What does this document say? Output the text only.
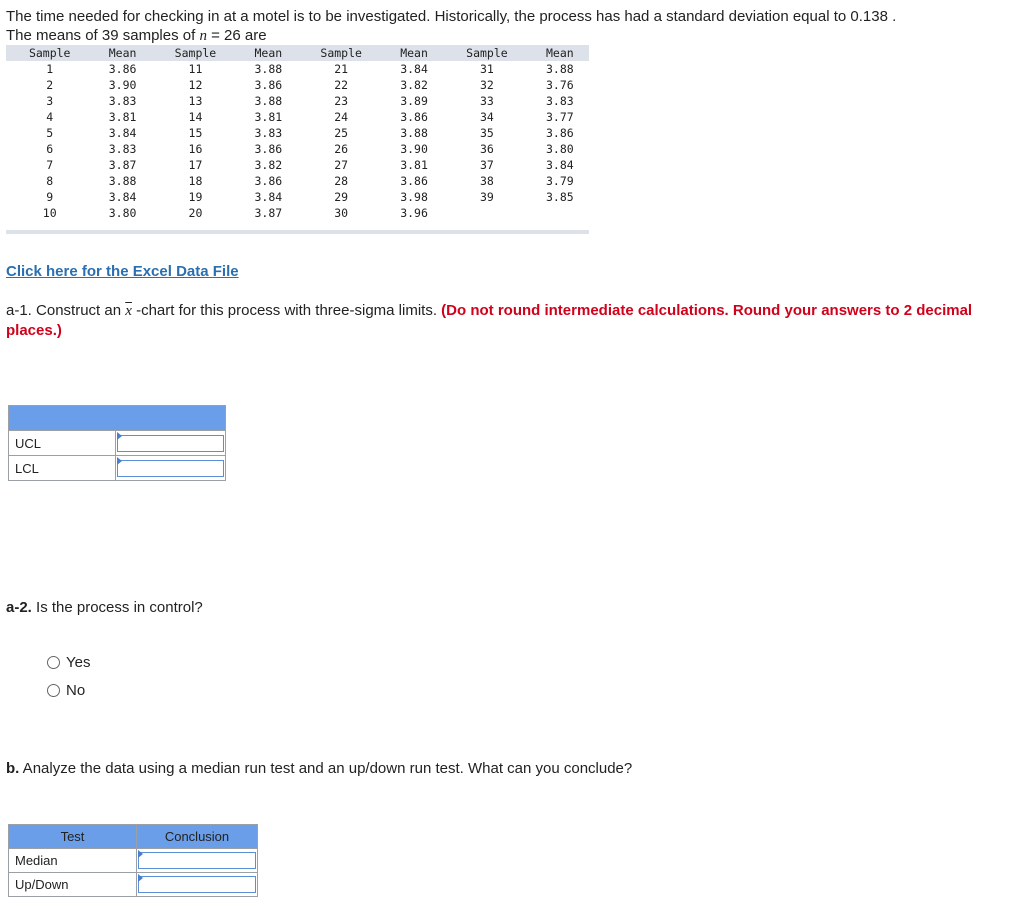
The time needed for checking in at a motel is to be investigated. Historically, the process has had a standard deviation equal to 0.138 .
The means of 39 samples of n = 26 are
Sample	Mean	Sample	Mean	Sample	Mean	Sample	Mean
1	3.86	11	3.88	21	3.84	31	3.88
2	3.90	12	3.86	22	3.82	32	3.76
3	3.83	13	3.88	23	3.89	33	3.83
4	3.81	14	3.81	24	3.86	34	3.77
5	3.84	15	3.83	25	3.88	35	3.86
6	3.83	16	3.86	26	3.90	36	3.80
7	3.87	17	3.82	27	3.81	37	3.84
8	3.88	18	3.86	28	3.86	38	3.79
9	3.84	19	3.84	29	3.98	39	3.85
10	3.80	20	3.87	30	3.96		
Click here for the Excel Data File
a-1. Construct an $\overline{x}$ -chart for this process with three-sigma limits. (Do not round intermediate calculations. Round your answers to 2 decimal places.)

UCL	

LCL	
a-2. Is the process in control?
Yes
No
b. Analyze the data using a median run test and an up/down run test. What can you conclude?
Test	Conclusion
Median	

Up/Down	
